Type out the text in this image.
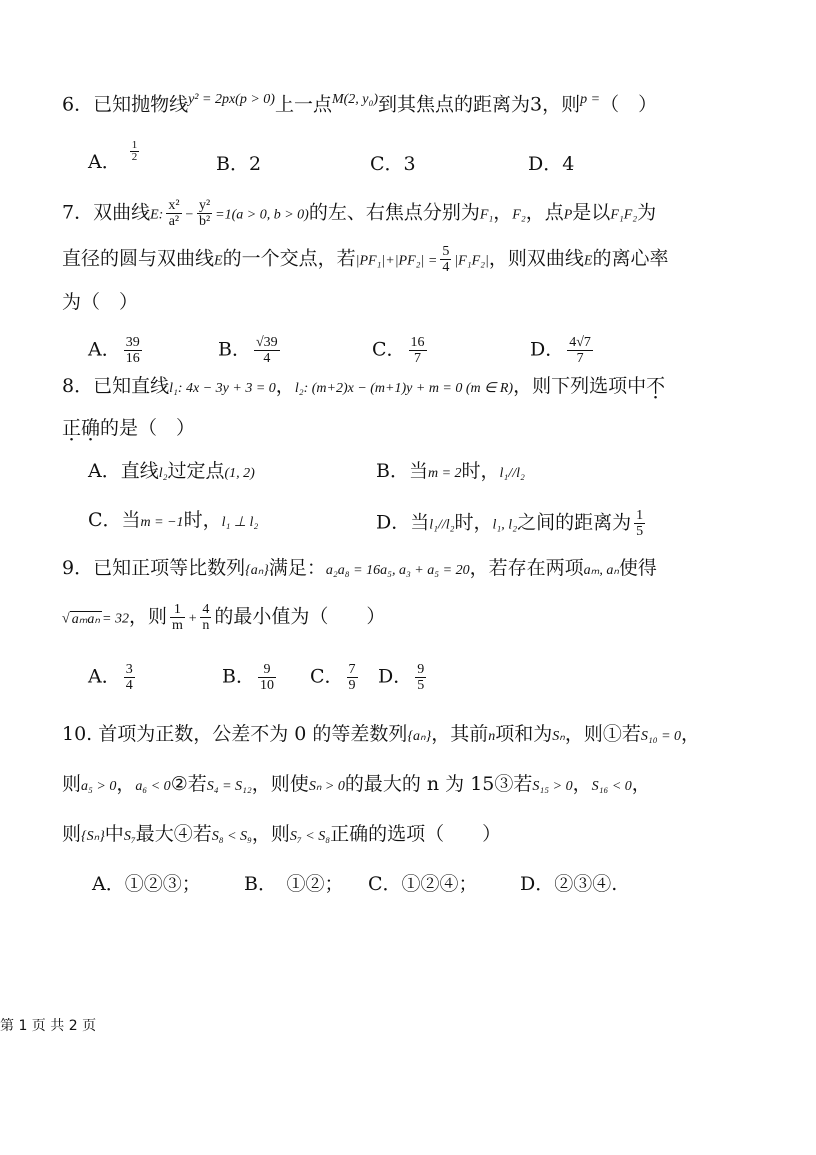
6．已知抛物线$^{y^2 = 2px(p > 0)}$上一点$^{M(2, y_0)}$到其焦点的距离为3，则$^{p =}$（　）
A． $\frac{1}{2}$
B．2	C．3	D．4
7．双曲线E: $\frac{\text{x²}}{\text{a²}} - \frac{\text{y²}}{\text{b²}} =1(a > 0$, b > 0)的左、右焦点分别为F₁，F₂，点P是以F₁F₂为
直径的圆与双曲线E的一个交点，若$|PF_1|+|PF_2| = \frac{5}{4} |F_1F_2|$，则双曲线E的离心率
为（　）
A． $\frac{39}{16}$	B． $\frac{√39}{4}$	C． $\frac{16}{7}$	D． $\frac{4√7}{7}$
8．已知直线l₁: 4x − 3y + 3 = 0，l₂: (m+2)x − (m+1)y + m = 0 (m ∈ R)，则下列选项中不
正确的是（　）
A．直线l₂过定点(1, 2)	B．当m = 2时，l₁//l₂
C．当m = −1时，l₁ ⊥ l₂	D．当l₁//l₂时，l₁, l₂之间的距离为 $\frac{1}{5}$
9．已知正项等比数列{aₙ}满足：a₂a₈ = 16a₅, a₃ + a₅ = 20，若存在两项aₘ, aₙ使得
√ aₘaₙ = 32，则 $\frac{1}{m} + \frac{4}{n}$ 的最小值为（　　）
A． $\frac{3}{4}$	B． $\frac{9}{10}$ C． $\frac{7}{9}$ D． $\frac{9}{5}$
10. 首项为正数，公差不为 0 的等差数列{aₙ}，其前n项和为Sₙ，则①若S₁₀ = 0，
则a₅ > 0，a₆ < 0②若S₄ = S₁₂，则使Sₙ > 0的最大的 n 为 15③若S₁₅ > 0，S₁₆ < 0，
则{Sₙ}中S₇最大④若S₈ < S₉，则S₇ < S₈正确的选项（　　）
A．①②③； B．　①②； C．①②④； D．②③④.
第 1 页 共 2 页
